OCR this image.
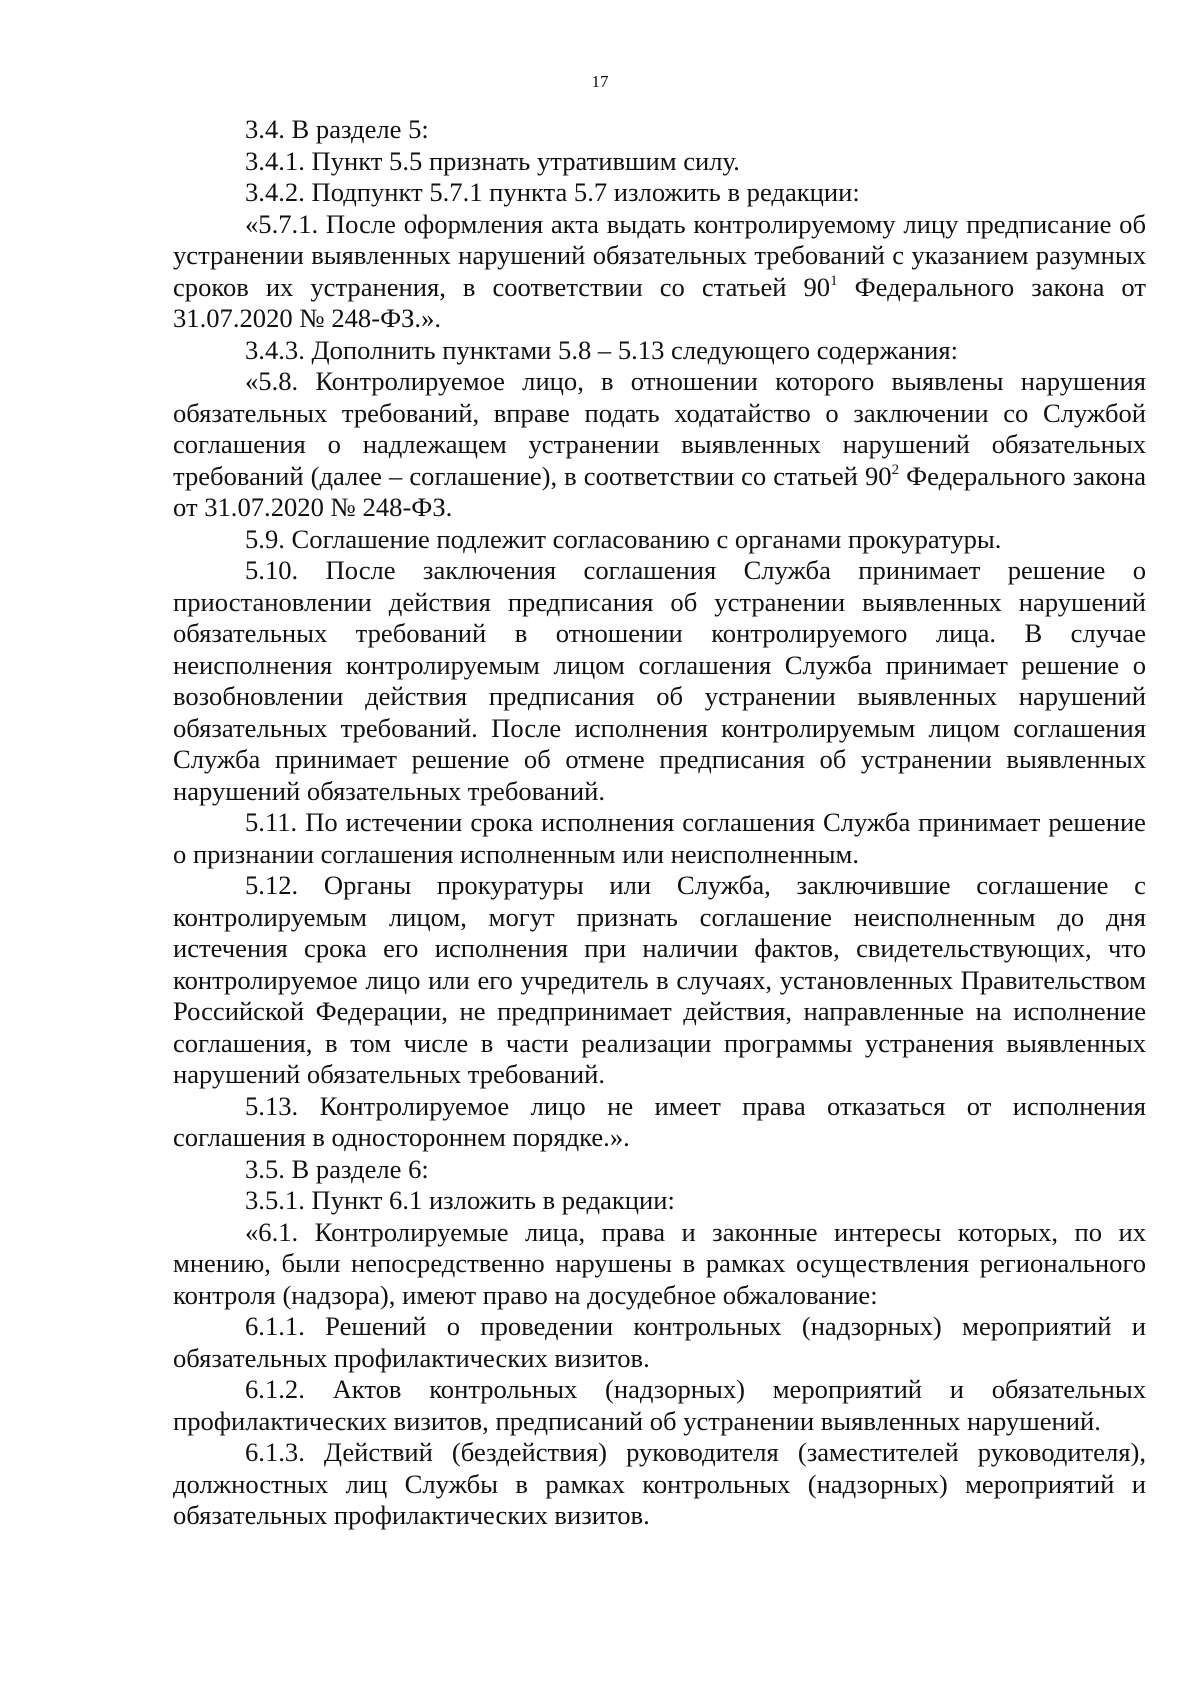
17

3.4. В разделе 5:

3.4.1. Пункт 5.5 признать утратившим силу.

3.4.2. Подпункт 5.7.1 пункта 5.7 изложить в редакции:

«5.7.1. После оформления акта выдать контролируемому лицу предписание об устранении выявленных нарушений обязательных требований с указанием разумных сроков их устранения, в соответствии со статьей $90^1$ Федерального закона от 31.07.2020 № 248-ФЗ.».

3.4.3. Дополнить пунктами 5.8 – 5.13 следующего содержания:

«5.8. Контролируемое лицо, в отношении которого выявлены нарушения обязательных требований, вправе подать ходатайство о заключении со Службой соглашения о надлежащем устранении выявленных нарушений обязательных требований (далее – соглашение), в соответствии со статьей $90^2$ Федерального закона от 31.07.2020 № 248-ФЗ.

5.9. Соглашение подлежит согласованию с органами прокуратуры.

5.10. После заключения соглашения Служба принимает решение о приостановлении действия предписания об устранении выявленных нарушений обязательных требований в отношении контролируемого лица. В случае неисполнения контролируемым лицом соглашения Служба принимает решение о возобновлении действия предписания об устранении выявленных нарушений обязательных требований. После исполнения контролируемым лицом соглашения Служба принимает решение об отмене предписания об устранении выявленных нарушений обязательных требований.

5.11. По истечении срока исполнения соглашения Служба принимает решение о признании соглашения исполненным или неисполненным.

5.12. Органы прокуратуры или Служба, заключившие соглашение с контролируемым лицом, могут признать соглашение неисполненным до дня истечения срока его исполнения при наличии фактов, свидетельствующих, что контролируемое лицо или его учредитель в случаях, установленных Правительством Российской Федерации, не предпринимает действия, направленные на исполнение соглашения, в том числе в части реализации программы устранения выявленных нарушений обязательных требований.

5.13. Контролируемое лицо не имеет права отказаться от исполнения соглашения в одностороннем порядке.».

3.5. В разделе 6:

3.5.1. Пункт 6.1 изложить в редакции:

«6.1. Контролируемые лица, права и законные интересы которых, по их мнению, были непосредственно нарушены в рамках осуществления регионального контроля (надзора), имеют право на досудебное обжалование:

6.1.1. Решений о проведении контрольных (надзорных) мероприятий и обязательных профилактических визитов.

6.1.2. Актов контрольных (надзорных) мероприятий и обязательных профилактических визитов, предписаний об устранении выявленных нарушений.

6.1.3. Действий (бездействия) руководителя (заместителей руководителя), должностных лиц Службы в рамках контрольных (надзорных) мероприятий и обязательных профилактических визитов.
